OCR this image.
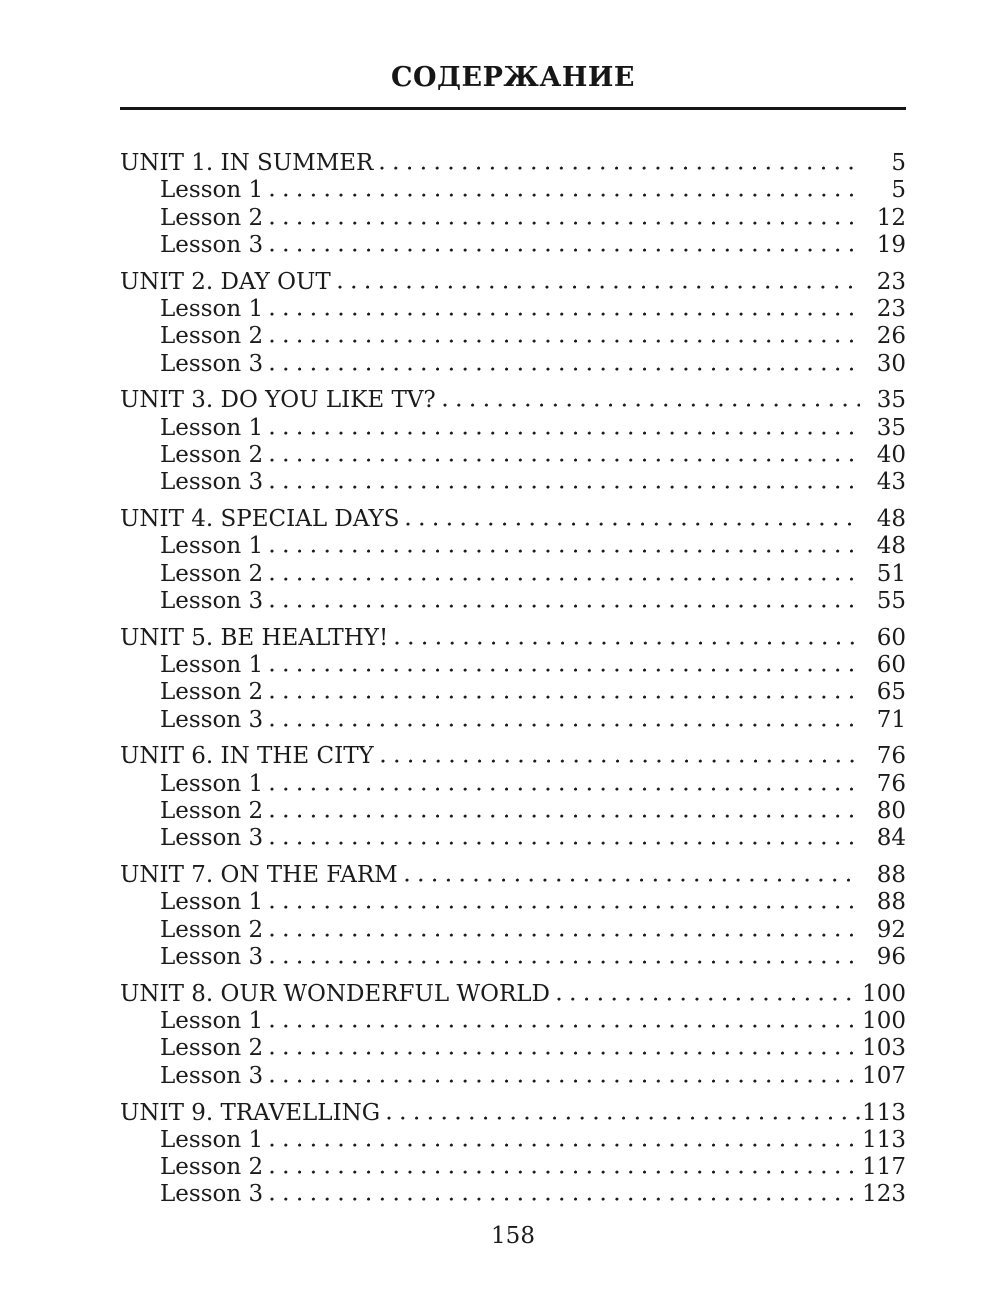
СОДЕРЖАНИЕ
UNIT 1. IN SUMMER	5
Lesson 1	5
Lesson 2	12
Lesson 3	19
UNIT 2. DAY OUT	23
Lesson 1	23
Lesson 2	26
Lesson 3	30
UNIT 3. DO YOU LIKE TV?	35
Lesson 1	35
Lesson 2	40
Lesson 3	43
UNIT 4. SPECIAL DAYS	48
Lesson 1	48
Lesson 2	51
Lesson 3	55
UNIT 5. BE HEALTHY!	60
Lesson 1	60
Lesson 2	65
Lesson 3	71
UNIT 6. IN THE CITY	76
Lesson 1	76
Lesson 2	80
Lesson 3	84
UNIT 7. ON THE FARM	88
Lesson 1	88
Lesson 2	92
Lesson 3	96
UNIT 8. OUR WONDERFUL WORLD	100
Lesson 1	100
Lesson 2	103
Lesson 3	107
UNIT 9. TRAVELLING	113
Lesson 1	113
Lesson 2	117
Lesson 3	123
158
